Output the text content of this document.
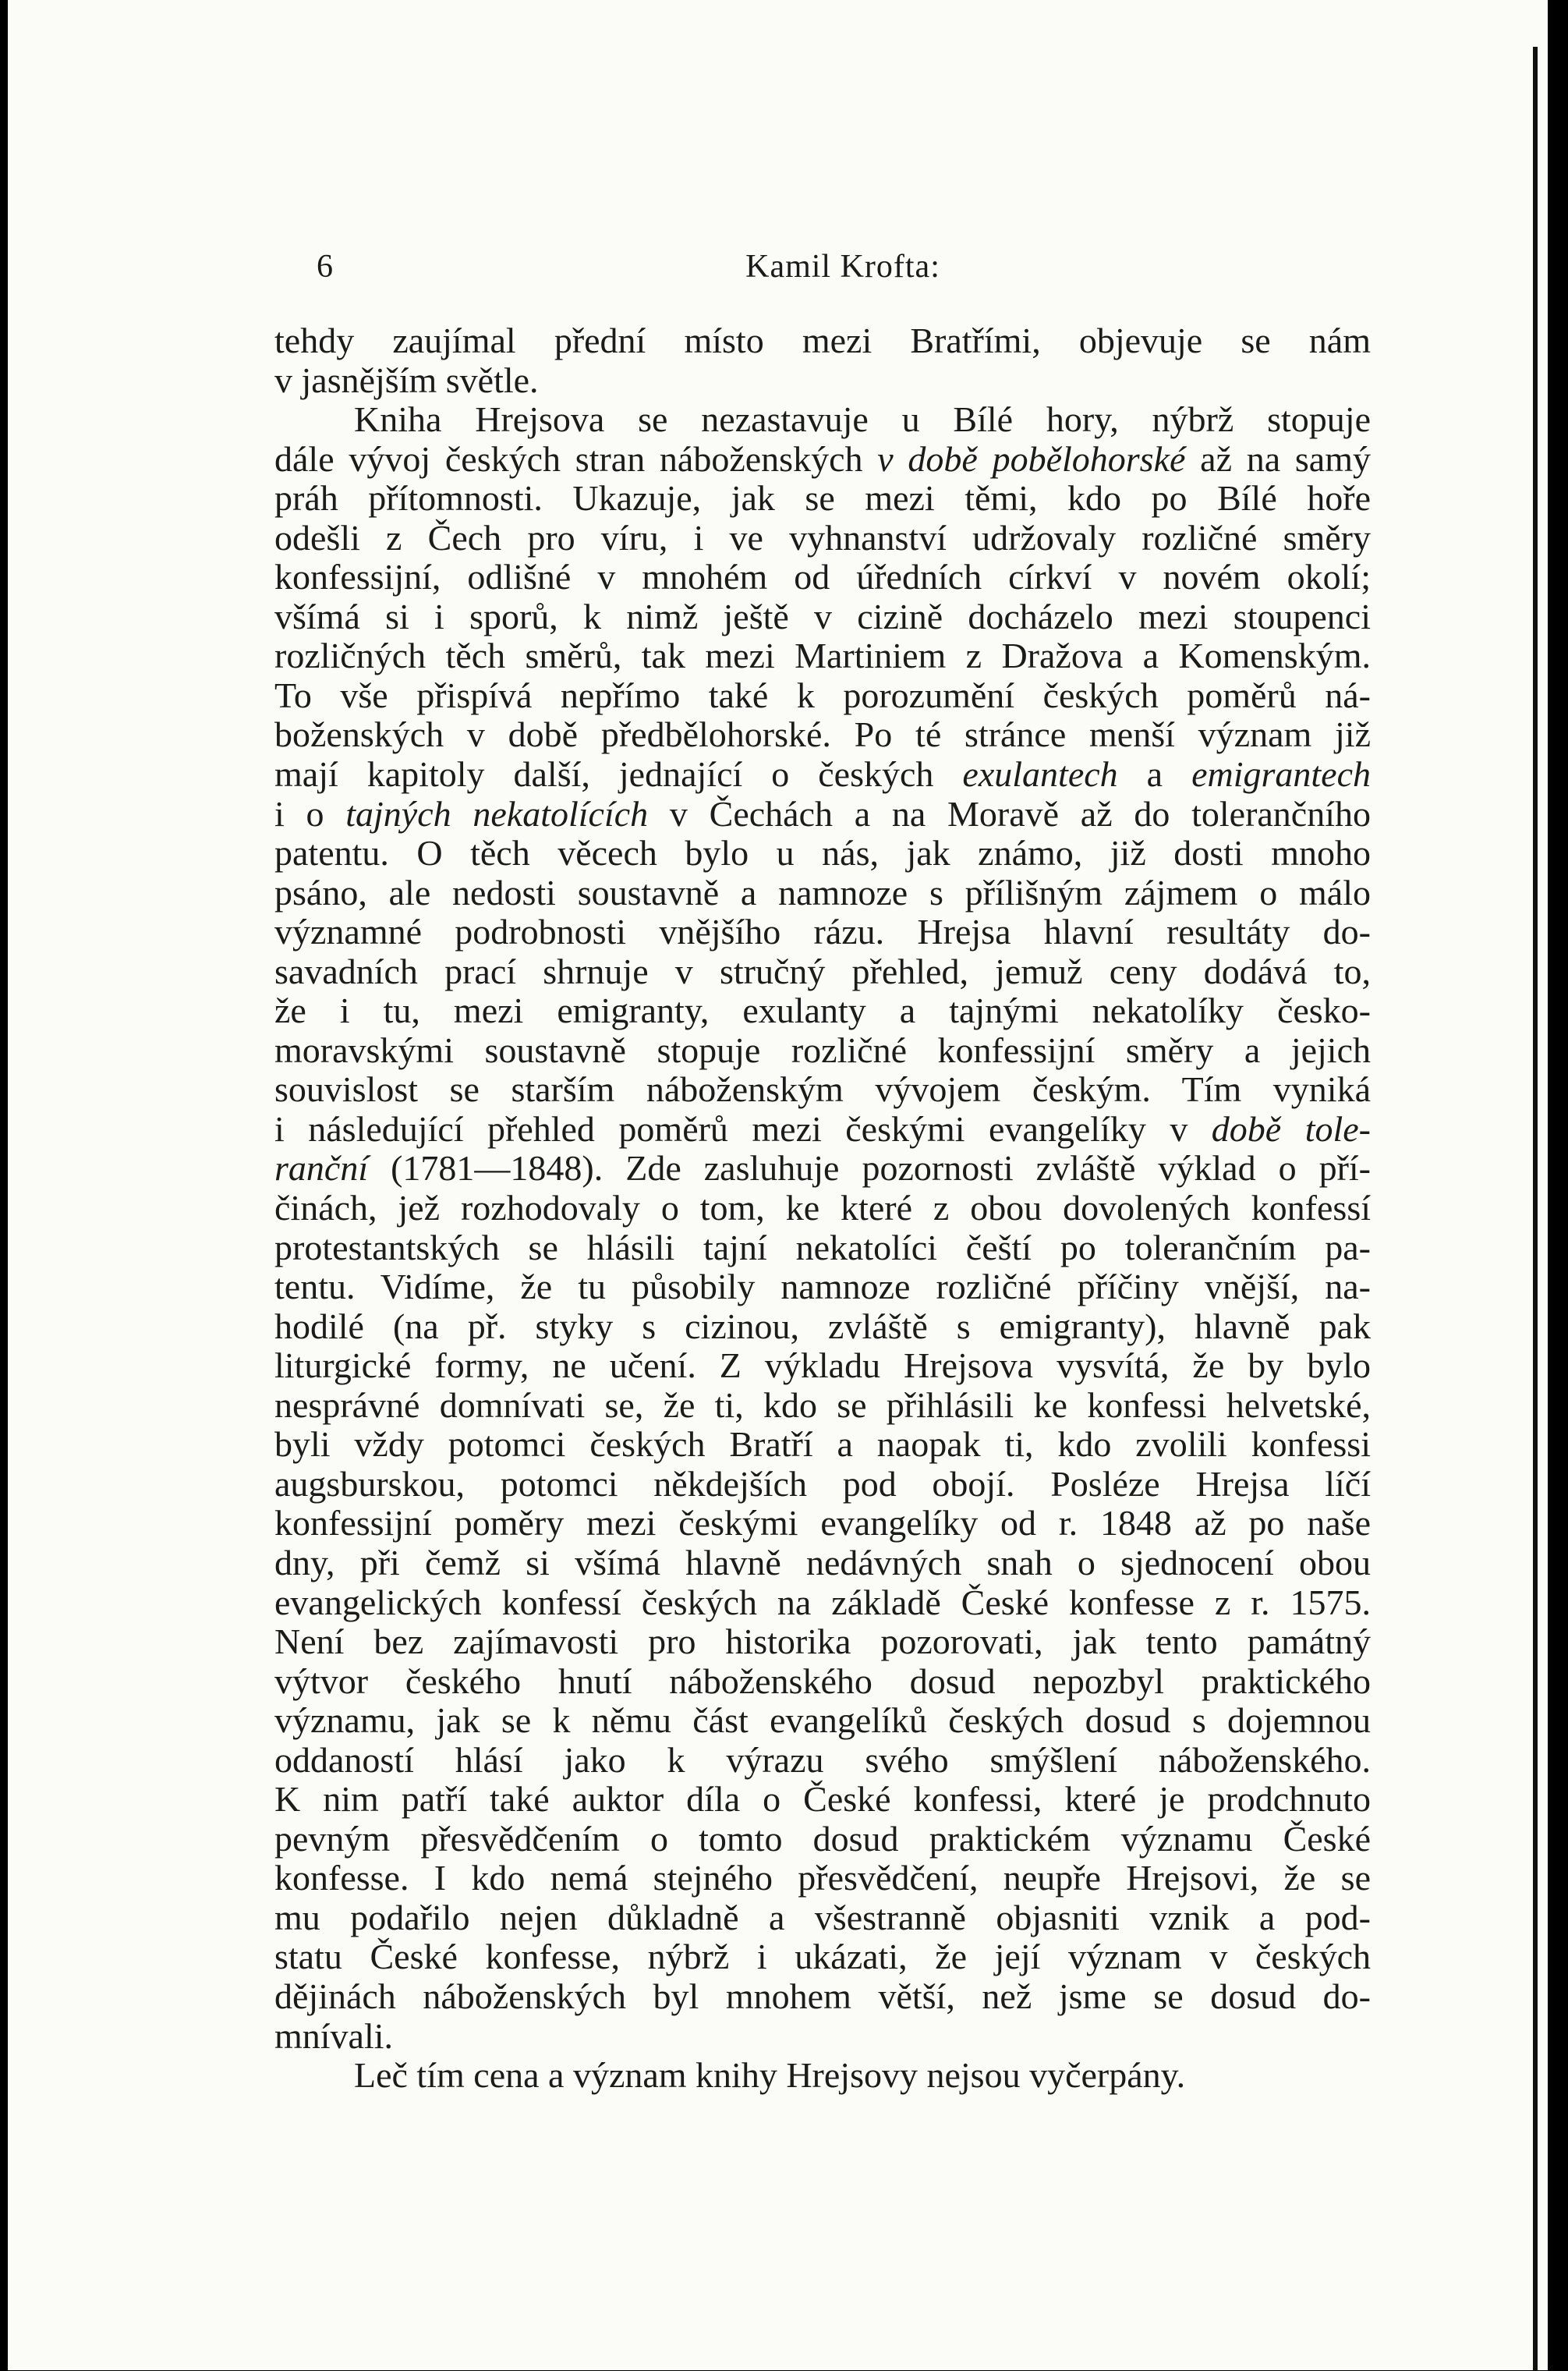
6	Kamil Krofta:
tehdy zaujímal přední místo mezi Bratřími, objevuje se nám
v jasnějším světle.
Kniha Hrejsova se nezastavuje u Bílé hory, nýbrž stopuje
dále vývoj českých stran náboženských v době pobělohorské až na samý
práh přítomnosti. Ukazuje, jak se mezi těmi, kdo po Bílé hoře
odešli z Čech pro víru, i ve vyhnanství udržovaly rozličné směry
konfessijní, odlišné v mnohém od úředních církví v novém okolí;
všímá si i sporů, k nimž ještě v cizině docházelo mezi stoupenci
rozličných těch směrů, tak mezi Martiniem z Dražova a Komenským.
To vše přispívá nepřímo také k porozumění českých poměrů ná-
boženských v době předbělohorské. Po té stránce menší význam již
mají kapitoly další, jednající o českých exulantech a emigrantech
i o tajných nekatolících v Čechách a na Moravě až do tolerančního
patentu. O těch věcech bylo u nás, jak známo, již dosti mnoho
psáno, ale nedosti soustavně a namnoze s přílišným zájmem o málo
významné podrobnosti vnějšího rázu. Hrejsa hlavní resultáty do-
savadních prací shrnuje v stručný přehled, jemuž ceny dodává to,
že i tu, mezi emigranty, exulanty a tajnými nekatolíky česko-
moravskými soustavně stopuje rozličné konfessijní směry a jejich
souvislost se starším náboženským vývojem českým. Tím vyniká
i následující přehled poměrů mezi českými evangelíky v době tole-
ranční (1781—1848). Zde zasluhuje pozornosti zvláště výklad o pří-
činách, jež rozhodovaly o tom, ke které z obou dovolených konfessí
protestantských se hlásili tajní nekatolíci čeští po tolerančním pa-
tentu. Vidíme, že tu působily namnoze rozličné příčiny vnější, na-
hodilé (na př. styky s cizinou, zvláště s emigranty), hlavně pak
liturgické formy, ne učení. Z výkladu Hrejsova vysvítá, že by bylo
nesprávné domnívati se, že ti, kdo se přihlásili ke konfessi helvetské,
byli vždy potomci českých Bratří a naopak ti, kdo zvolili konfessi
augsburskou, potomci někdejších pod obojí. Posléze Hrejsa líčí
konfessijní poměry mezi českými evangelíky od r. 1848 až po naše
dny, při čemž si všímá hlavně nedávných snah o sjednocení obou
evangelických konfessí českých na základě České konfesse z r. 1575.
Není bez zajímavosti pro historika pozorovati, jak tento památný
výtvor českého hnutí náboženského dosud nepozbyl praktického
významu, jak se k němu část evangelíků českých dosud s dojemnou
oddaností hlásí jako k výrazu svého smýšlení náboženského.
K nim patří také auktor díla o České konfessi, které je prodchnuto
pevným přesvědčením o tomto dosud praktickém významu České
konfesse. I kdo nemá stejného přesvědčení, neupře Hrejsovi, že se
mu podařilo nejen důkladně a všestranně objasniti vznik a pod-
statu České konfesse, nýbrž i ukázati, že její význam v českých
dějinách náboženských byl mnohem větší, než jsme se dosud do-
mnívali.
Leč tím cena a význam knihy Hrejsovy nejsou vyčerpány.
